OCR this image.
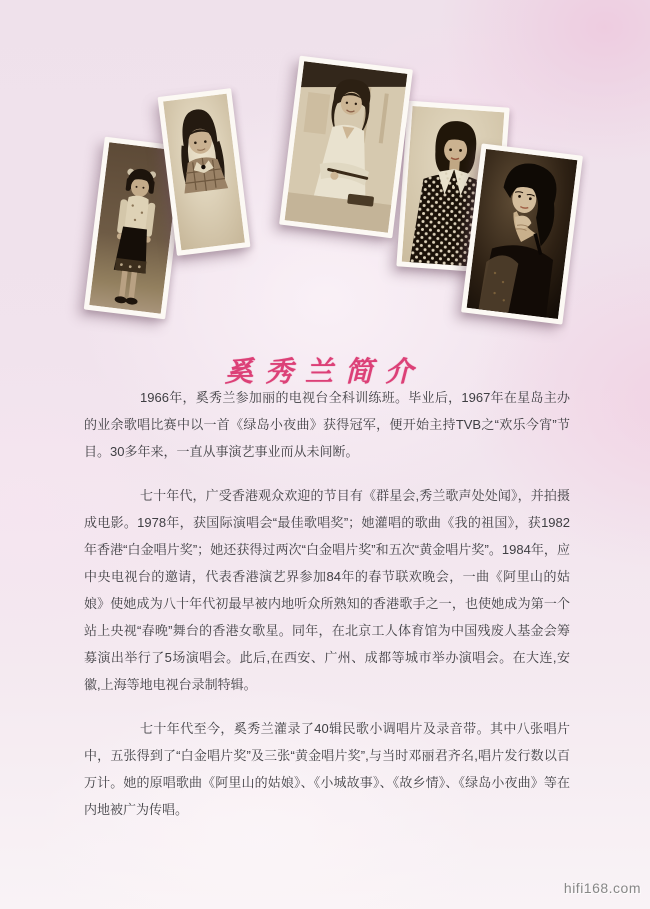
奚秀兰简介

1966年，奚秀兰参加丽的电视台全科训练班。毕业后，1967年在星岛主办的业余歌唱比赛中以一首《绿岛小夜曲》获得冠军，便开始主持TVB之“欢乐今宵”节目。30多年来，一直从事演艺事业而从未间断。

七十年代，广受香港观众欢迎的节目有《群星会,秀兰歌声处处闻》，并拍摄成电影。1978年，获国际演唱会“最佳歌唱奖”；她灌唱的歌曲《我的祖国》，获1982年香港“白金唱片奖”；她还获得过两次“白金唱片奖”和五次“黄金唱片奖”。1984年，应中央电视台的邀请，代表香港演艺界参加84年的春节联欢晚会，一曲《阿里山的姑娘》使她成为八十年代初最早被内地听众所熟知的香港歌手之一，也使她成为第一个站上央视“春晚”舞台的香港女歌星。同年，在北京工人体育馆为中国残废人基金会筹募演出举行了5场演唱会。此后,在西安、广州、成都等城市举办演唱会。在大连,安徽,上海等地电视台录制特辑。

七十年代至今，奚秀兰灌录了40辑民歌小调唱片及录音带。其中八张唱片中，五张得到了“白金唱片奖”及三张“黄金唱片奖”,与当时邓丽君齐名,唱片发行数以百万计。她的原唱歌曲《阿里山的姑娘》、《小城故事》、《故乡情》、《绿岛小夜曲》等在内地被广为传唱。

hifi168.com
